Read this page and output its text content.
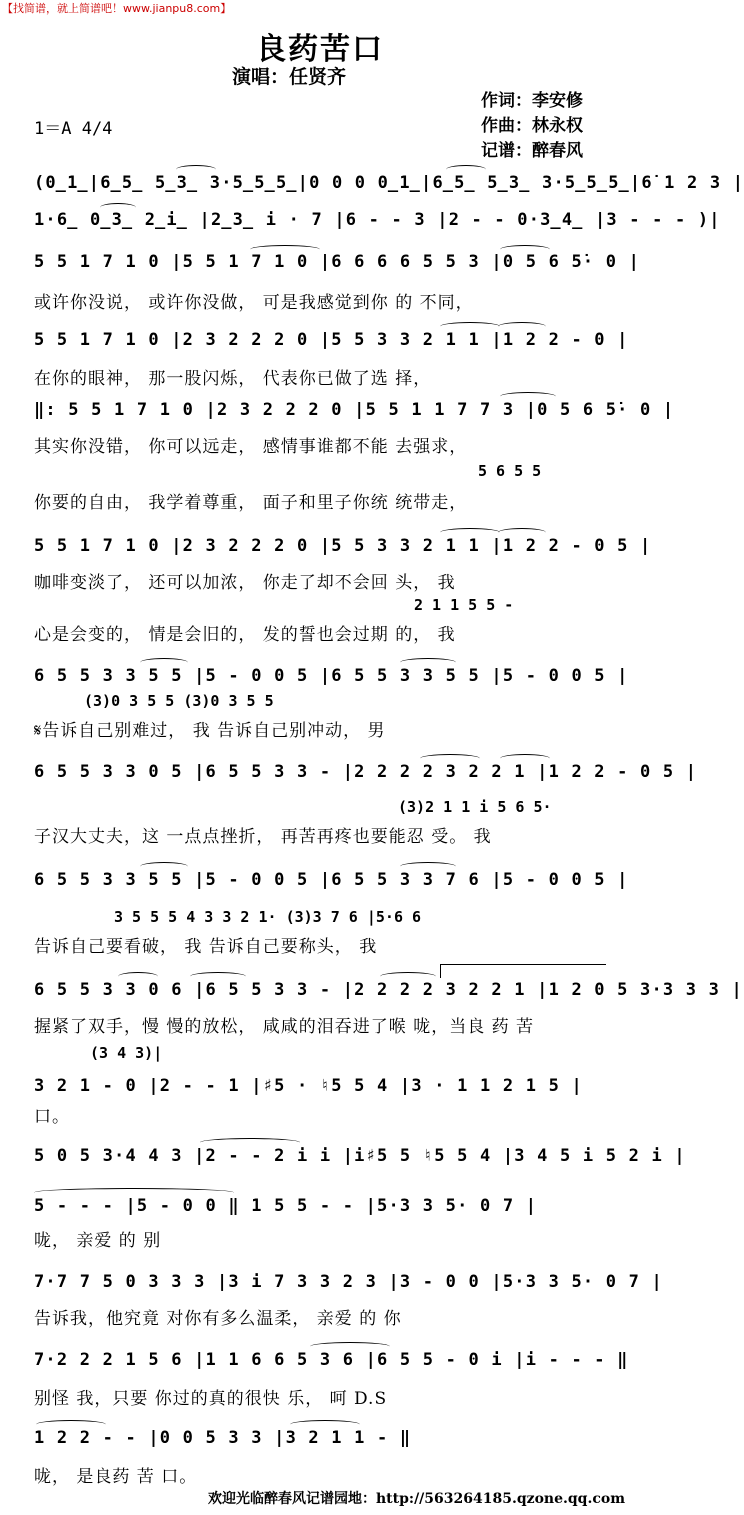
【找简谱，就上简谱吧！www.jianpu8.com】
良药苦口
演唱：任贤齐
作词：李安修
作曲：林永权
记谱：醉春风
1＝A 4/4
(0̲1̲|6̲5̲ 5̲3̲ 3·5̲5̲5̲|0 0 0 0̲1̲|6̲5̲ 5̲3̲ 3·5̲5̲5̲|6̇ 1 2 3 |
1·6̲ 0̲3̲ 2̲i̲ |2̲3̲ i · 7 |6 - - 3 |2 - - 0·3̲4̲ |3 - - - )|
5 5 1 7 1 0 |5 5 1 7 1 0 |6 6 6 6 5 5 3 |0 5 6 5̇· 0 |
或许你没说， 或许你没做， 可是我感觉到你 的 不同，
5 5 1 7 1 0 |2 3 2 2 2 0 |5 5 3 3 2 1 1 |1 2 2 - 0 |
在你的眼神， 那一股闪烁， 代表你已做了选 择，
‖: 5 5 1 7 1 0 |2 3 2 2 2 0 |5 5 1 1 7 7 3 |0 5 6 5̇· 0 |
其实你没错， 你可以远走， 感情事谁都不能 去强求，
5 6 5 5
你要的自由， 我学着尊重， 面子和里子你统 统带走，
5 5 1 7 1 0 |2 3 2 2 2 0 |5 5 3 3 2 1 1 |1 2 2 - 0 5 |
咖啡变淡了， 还可以加浓， 你走了却不会回 头， 我
2 1 1 5 5 -
心是会变的， 情是会旧的， 发的誓也会过期 的， 我
6 5 5 3 3 5 5 |5 - 0 0 5 |6 5 5 3 3 5 5 |5 - 0 0 5 |
(3)0 3 5 5 (3)0 3 5 5
𝄋告诉自己别难过， 我 告诉自己别冲动， 男
6 5 5 3 3 0 5 |6 5 5 3 3 - |2 2 2 2 3 2 2 1 |1 2 2 - 0 5 |
(3)2 1 1 i 5 6 5·
子汉大丈夫，这 一点点挫折， 再苦再疼也要能忍 受。 我
6 5 5 3 3 5 5 |5 - 0 0 5 |6 5 5 3 3 7 6 |5 - 0 0 5 |
3 5 5 5 4 3 3 2 1· (3)3 7 6 |5·6 6
告诉自己要看破， 我 告诉自己要称头， 我
6 5 5 3 3 0 6 |6 5 5 3 3 - |2 2 2 2 3 2 2 1 |1 2 0 5 3·3 3 3 |
握紧了双手，慢 慢的放松， 咸咸的泪吞进了喉 咙，当良 药 苦
(3 4 3)|
3 2 1 - 0 |2 - - 1 |♯5 · ♮5 5 4 |3 · 1 1 2 1 5 |
口。
5 0 5 3·4 4 3 |2 - - 2 i i |i♯5 5 ♮5 5 4 |3 4 5 i 5 2 i |
5 - - - |5 - 0 0 ‖ 1 5 5 - - |5·3 3 5· 0 7 |
咙， 亲爱 的 别
7·7 7 5 0 3 3 3 |3 i 7 3 3 2 3 |3 - 0 0 |5·3 3 5· 0 7 |
告诉我，他究竟 对你有多么温柔， 亲爱 的 你
7·2 2 2 1 5 6 |1 1 6 6 5 3 6 |6 5 5 - 0 i |i - - - ‖
别怪 我，只要 你过的真的很快 乐， 呵 D.S
1 2 2 - - |0 0 5 3 3 |3 2 1 1 - ‖
咙， 是良药 苦 口。
欢迎光临醉春风记谱园地：http://563264185.qzone.qq.com
